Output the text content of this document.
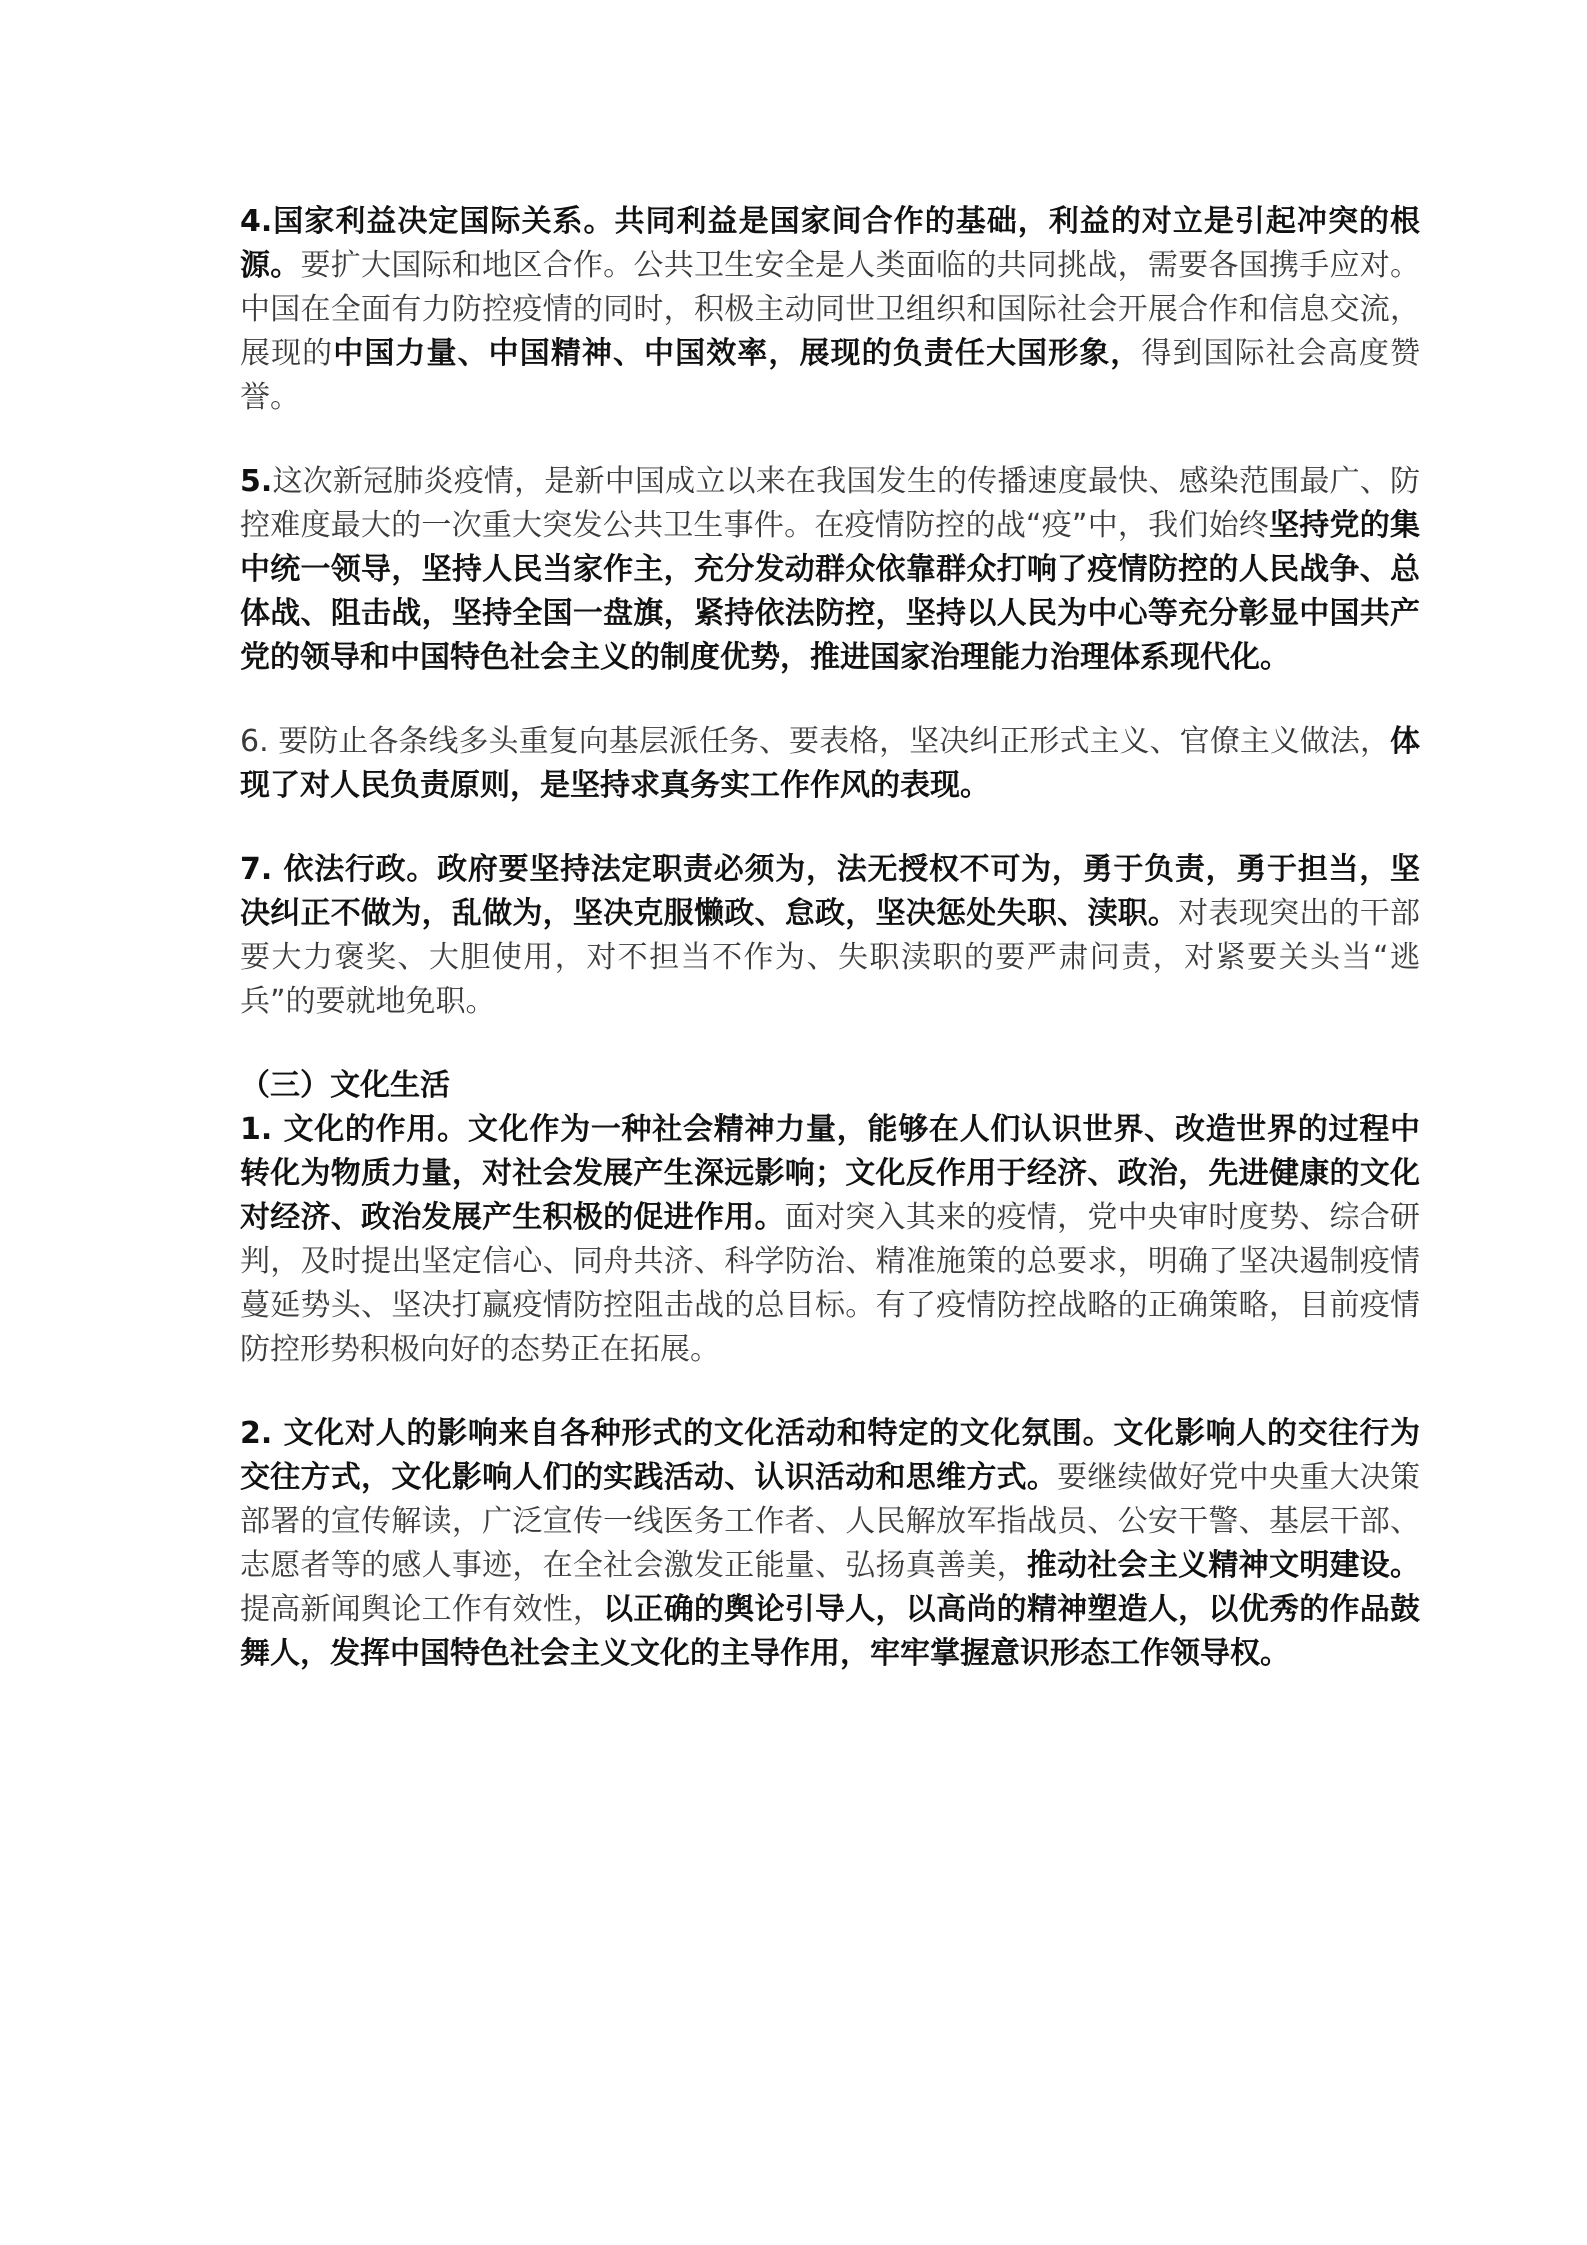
4.国家利益决定国际关系。共同利益是国家间合作的基础，利益的对立是引起冲突的根源。要扩大国际和地区合作。公共卫生安全是人类面临的共同挑战，需要各国携手应对。中国在全面有力防控疫情的同时，积极主动同世卫组织和国际社会开展合作和信息交流，展现的中国力量、中国精神、中国效率，展现的负责任大国形象，得到国际社会高度赞誉。

5.这次新冠肺炎疫情，是新中国成立以来在我国发生的传播速度最快、感染范围最广、防控难度最大的一次重大突发公共卫生事件。在疫情防控的战“疫”中，我们始终坚持党的集中统一领导，坚持人民当家作主，充分发动群众依靠群众打响了疫情防控的人民战争、总体战、阻击战，坚持全国一盘旗，紧持依法防控，坚持以人民为中心等充分彰显中国共产党的领导和中国特色社会主义的制度优势，推进国家治理能力治理体系现代化。

6. 要防止各条线多头重复向基层派任务、要表格，坚决纠正形式主义、官僚主义做法，体现了对人民负责原则，是坚持求真务实工作作风的表现。

7. 依法行政。政府要坚持法定职责必须为，法无授权不可为，勇于负责，勇于担当，坚决纠正不做为，乱做为，坚决克服懒政、怠政，坚决惩处失职、渎职。对表现突出的干部要大力褒奖、大胆使用，对不担当不作为、失职渎职的要严肃问责，对紧要关头当“逃兵”的要就地免职。

（三）文化生活

1. 文化的作用。文化作为一种社会精神力量，能够在人们认识世界、改造世界的过程中转化为物质力量，对社会发展产生深远影响；文化反作用于经济、政治，先进健康的文化对经济、政治发展产生积极的促进作用。面对突入其来的疫情，党中央审时度势、综合研判，及时提出坚定信心、同舟共济、科学防治、精准施策的总要求，明确了坚决遏制疫情蔓延势头、坚决打赢疫情防控阻击战的总目标。有了疫情防控战略的正确策略，目前疫情防控形势积极向好的态势正在拓展。

2. 文化对人的影响来自各种形式的文化活动和特定的文化氛围。文化影响人的交往行为交往方式，文化影响人们的实践活动、认识活动和思维方式。要继续做好党中央重大决策部署的宣传解读，广泛宣传一线医务工作者、人民解放军指战员、公安干警、基层干部、志愿者等的感人事迹，在全社会激发正能量、弘扬真善美，推动社会主义精神文明建设。提高新闻舆论工作有效性，以正确的舆论引导人，以高尚的精神塑造人，以优秀的作品鼓舞人，发挥中国特色社会主义文化的主导作用，牢牢掌握意识形态工作领导权。
